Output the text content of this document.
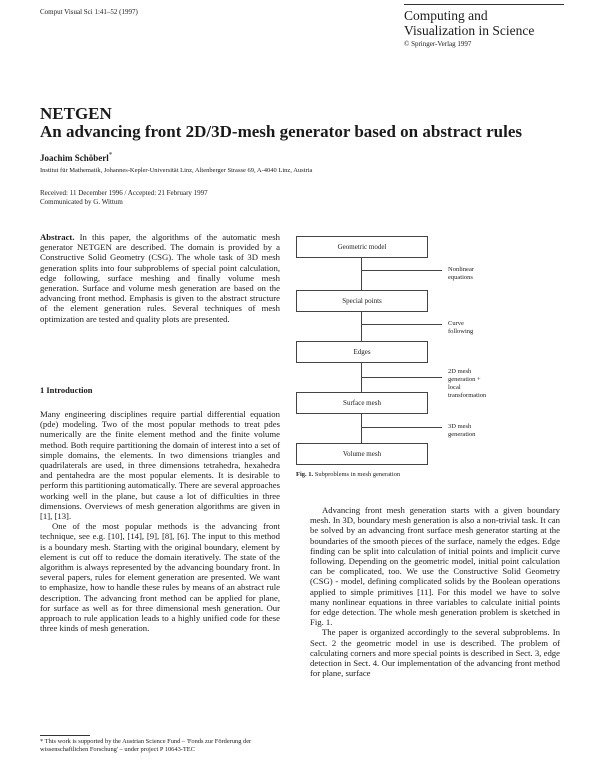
Comput Visual Sci 1:41–52 (1997)	Computing and
Visualization in Science
© Springer-Verlag 1997
NETGEN
An advancing front 2D/3D-mesh generator based on abstract rules
Joachim Schöberl*
Institut für Mathematik, Johannes-Kepler-Universität Linz, Altenberger Strasse 69, A-4040 Linz, Austria
Received: 11 December 1996 / Accepted: 21 February 1997
Communicated by G. Wittum

Abstract. In this paper, the algorithms of the automatic mesh generator NETGEN are described. The domain is provided by a Constructive Solid Geometry (CSG). The whole task of 3D mesh generation splits into four subproblems of special point calculation, edge following, surface meshing and finally volume mesh generation. Surface and volume mesh generation are based on the advancing front method. Emphasis is given to the abstract structure of the element generation rules. Several techniques of mesh optimization are tested and quality plots are presented.

1 Introduction

Many engineering disciplines require partial differential equation (pde) modeling. Two of the most popular methods to treat pdes numerically are the finite element method and the finite volume method. Both require partitioning the domain of interest into a set of simple domains, the elements. In two dimensions triangles and quadrilaterals are used, in three dimensions tetrahedra, hexahedra and pentahedra are the most popular elements. It is desirable to perform this partitioning automatically. There are several approaches working well in the plane, but cause a lot of difficulties in three dimensions. Overviews of mesh generation algorithms are given in [1], [13].

One of the most popular methods is the advancing front technique, see e.g. [10], [14], [9], [8], [6]. The input to this method is a boundary mesh. Starting with the original boundary, element by element is cut off to reduce the domain iteratively. The state of the algorithm is always represented by the advancing boundary front. In several papers, rules for element generation are presented. We want to emphasize, how to handle these rules by means of an abstract rule description. The advancing front method can be applied for plane, for surface as well as for three dimensional mesh generation. Our approach to rule application leads to a highly unified code for these three kinds of mesh generation.

* This work is supported by the Austrian Science Fund – 'Fonds zur Förderung der wissenschaftlichen Forschung' – under project P 10643-TEC
Geometric model
Nonlinear equations
Special points
Curve following
Edges
2D mesh generation +
local transformation
Surface mesh
3D mesh generation
Volume mesh
Fig. 1. Subproblems in mesh generation

Advancing front mesh generation starts with a given boundary mesh. In 3D, boundary mesh generation is also a non-trivial task. It can be solved by an advancing front surface mesh generator starting at the boundaries of the smooth pieces of the surface, namely the edges. Edge finding can be split into calculation of initial points and implicit curve following. Depending on the geometric model, initial point calculation can be complicated, too. We use the Constructive Solid Geometry (CSG) - model, defining complicated solids by the Boolean operations applied to simple primitives [11]. For this model we have to solve many nonlinear equations in three variables to calculate initial points for edge detection. The whole mesh generation problem is sketched in Fig. 1.

The paper is organized accordingly to the several subproblems. In Sect. 2 the geometric model in use is described. The problem of calculating corners and more special points is described in Sect. 3, edge detection in Sect. 4. Our implementation of the advancing front method for plane, surface
